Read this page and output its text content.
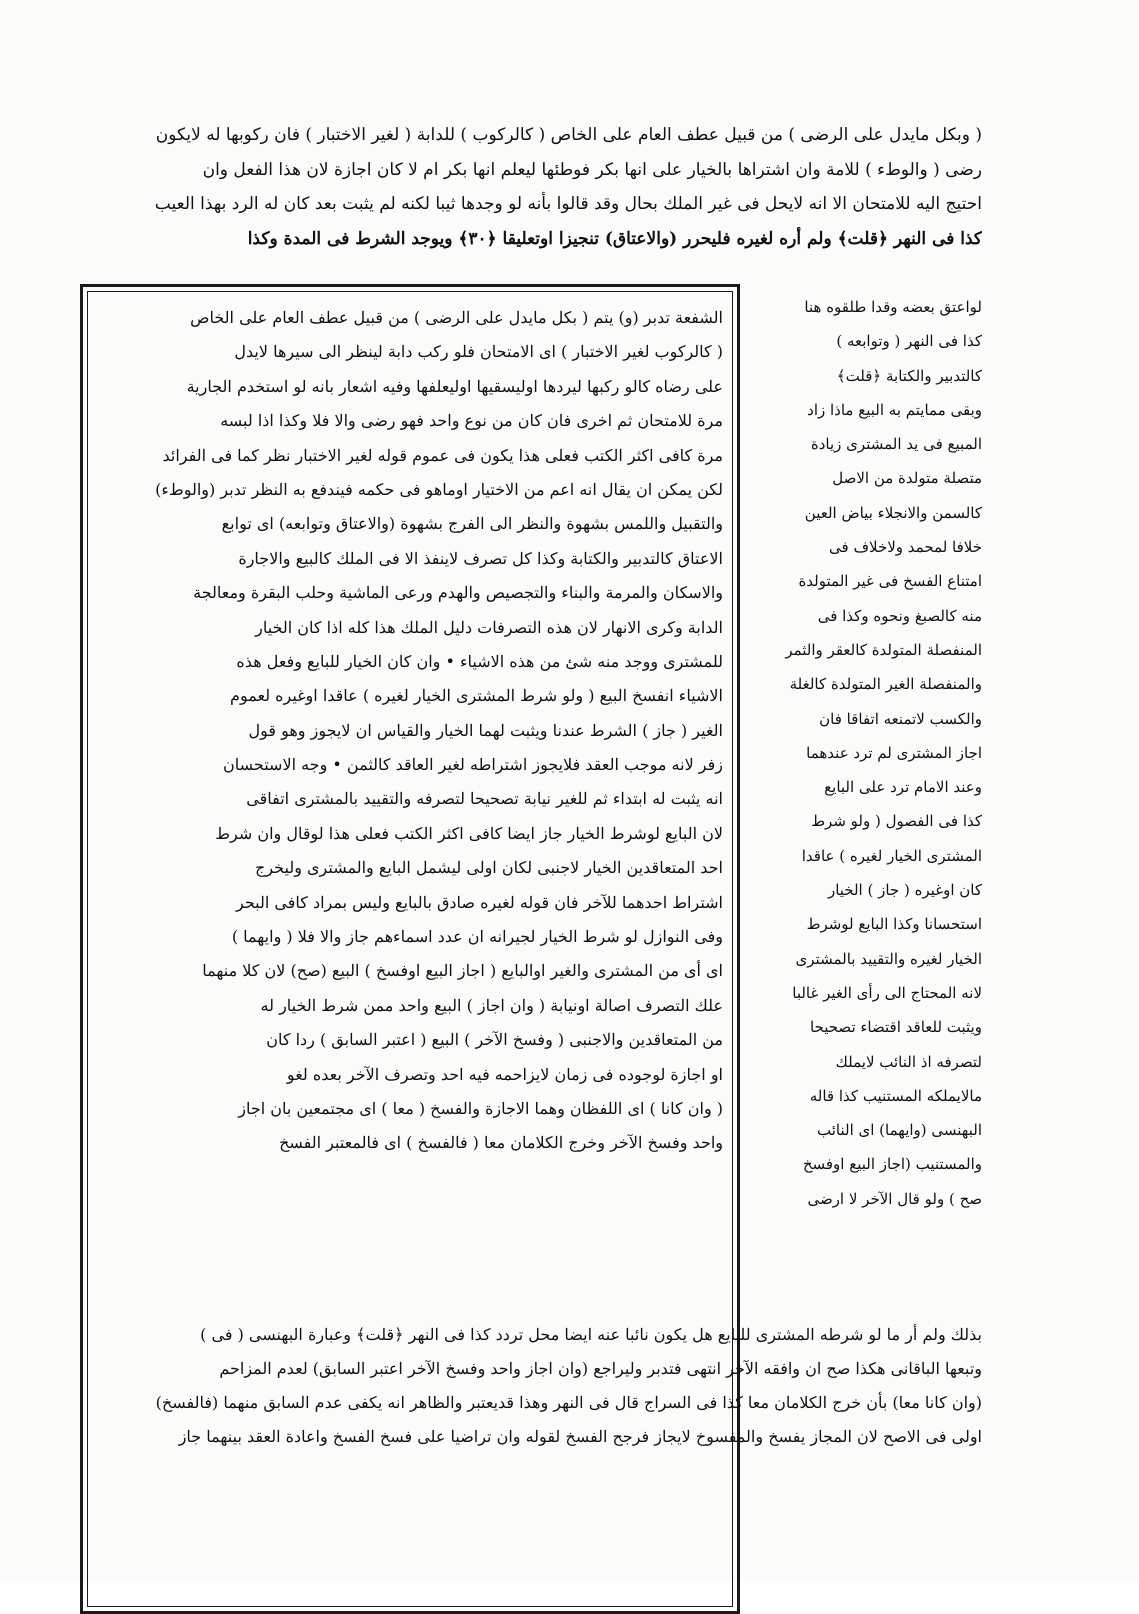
( وبكل مايدل على الرضى ) من قبيل عطف العام على الخاص ( كالركوب ) للدابة ( لغير الاختبار ) فان ركوبها له لايكون
رضى ( والوطء ) للامة وان اشتراها بالخيار على انها بكر فوطئها ليعلم انها بكر ام لا كان اجازة لان هذا الفعل وان
احتيج اليه للامتحان الا انه لايحل فى غير الملك بحال وقد قالوا بأنه لو وجدها ثيبا لكنه لم يثبت بعد كان له الرد بهذا العيب
كذا فى النهر ﴿قلت﴾ ولم أره لغيره فليحرر (والاعتاق) تنجيزا اوتعليقا ﴿٣٠﴾ ويوجد الشرط فى المدة وكذا
الشفعة تدبر (و) يتم ( بكل مايدل على الرضى ) من قبيل عطف العام على الخاص
( كالركوب لغير الاختبار ) اى الامتحان فلو ركب دابة لينظر الى سيرها لايدل
على رضاه كالو ركبها ليردها اوليسقيها اوليعلفها وفيه اشعار بانه لو استخدم الجارية
مرة للامتحان ثم اخرى فان كان من نوع واحد فهو رضى والا فلا وكذا اذا لبسه
مرة كافى اكثر الكتب فعلى هذا يكون فى عموم قوله لغير الاختبار نظر كما فى الفرائد
لكن يمكن ان يقال انه اعم من الاختيار اوماهو فى حكمه فيندفع به النظر تدبر (والوطء)
والتقبيل واللمس بشهوة والنظر الى الفرج بشهوة (والاعتاق وتوابعه) اى توابع
الاعتاق كالتدبير والكتابة وكذا كل تصرف لاينفذ الا فى الملك كالبيع والاجارة
والاسكان والمرمة والبناء والتجصيص والهدم ورعى الماشية وحلب البقرة ومعالجة
الدابة وكرى الانهار لان هذه التصرفات دليل الملك هذا كله اذا كان الخيار
للمشترى ووجد منه شئ من هذه الاشياء • وان كان الخيار للبايع وفعل هذه
الاشياء انفسخ البيع ( ولو شرط المشترى الخيار لغيره ) عاقدا اوغيره لعموم
الغير ( جاز ) الشرط عندنا ويثبت لهما الخيار والقياس ان لايجوز وهو قول
زفر لانه موجب العقد فلايجوز اشتراطه لغير العاقد كالثمن • وجه الاستحسان
انه يثبت له ابتداء ثم للغير نيابة تصحيحا لتصرفه والتقييد بالمشترى اتفاقى
لان البايع لوشرط الخيار جاز ايضا كافى اكثر الكتب فعلى هذا لوقال وان شرط
احد المتعاقدين الخيار لاجنبى لكان اولى ليشمل البايع والمشترى وليخرج
اشتراط احدهما للآخر فان قوله لغيره صادق بالبايع وليس بمراد كافى البحر
وفى النوازل لو شرط الخيار لجيرانه ان عدد اسماءهم جاز والا فلا ( وايهما )
اى أى من المشترى والغير اوالبايع ( اجاز البيع اوفسخ ) البيع (صح) لان كلا منهما
علك التصرف اصالة اونيابة ( وان اجاز ) البيع واحد ممن شرط الخيار له
من المتعاقدين والاجنبى ( وفسخ الآخر ) البيع ( اعتبر السابق ) ردا كان
او اجازة لوجوده فى زمان لايزاحمه فيه احد وتصرف الآخر بعده لغو
( وان كانا ) اى اللفظان وهما الاجازة والفسخ ( معا ) اى مجتمعين بان اجاز
واحد وفسخ الآخر وخرج الكلامان معا ( فالفسخ ) اى فالمعتبر الفسخ
لواعتق بعضه وقدا طلقوه هنا
كذا فى النهر ( وتوابعه )
كالتدبير والكتابة ﴿قلت﴾
وبقى ممايتم به البيع ماذا زاد
المبيع فى يد المشترى زيادة
متصلة متولدة من الاصل
كالسمن والانجلاء بياض العين
خلافا لمحمد ولاخلاف فى
امتناع الفسخ فى غير المتولدة
منه كالصبغ ونحوه وكذا فى
المنفصلة المتولدة كالعقر والثمر
والمنفصلة الغير المتولدة كالغلة
والكسب لاتمنعه اتفاقا فان
اجاز المشترى لم ترد عندهما
وعند الامام ترد على البايع
كذا فى الفصول ( ولو شرط
المشترى الخيار لغيره ) عاقدا
كان اوغيره ( جاز ) الخيار
استحسانا وكذا البايع لوشرط
الخيار لغيره والتقييد بالمشترى
لانه المحتاج الى رأى الغير غالبا
ويثبت للعاقد اقتضاء تصحيحا
لتصرفه اذ النائب لايملك
مالايملكه المستنيب كذا قاله
البهنسى (وايهما) اى النائب
والمستنيب (اجاز البيع اوفسخ
صح ) ولو قال الآخر لا ارضى
بذلك ولم أر ما لو شرطه المشترى للبايع هل يكون نائبا عنه ايضا محل تردد كذا فى النهر ﴿قلت﴾ وعبارة البهنسى ( فى )
وتبعها الباقانى هكذا صح ان وافقه الآخر انتهى فتدبر وليراجع (وان اجاز واحد وفسخ الآخر اعتبر السابق) لعدم المزاحم
(وان كانا معا) بأن خرج الكلامان معا كذا فى السراج قال فى النهر وهذا قديعتبر والظاهر انه يكفى عدم السابق منهما (فالفسخ)
اولى فى الاصح لان المجاز يفسخ والمفسوخ لايجاز فرجح الفسخ لقوله وان تراضيا على فسخ الفسخ واعادة العقد بينهما جاز
